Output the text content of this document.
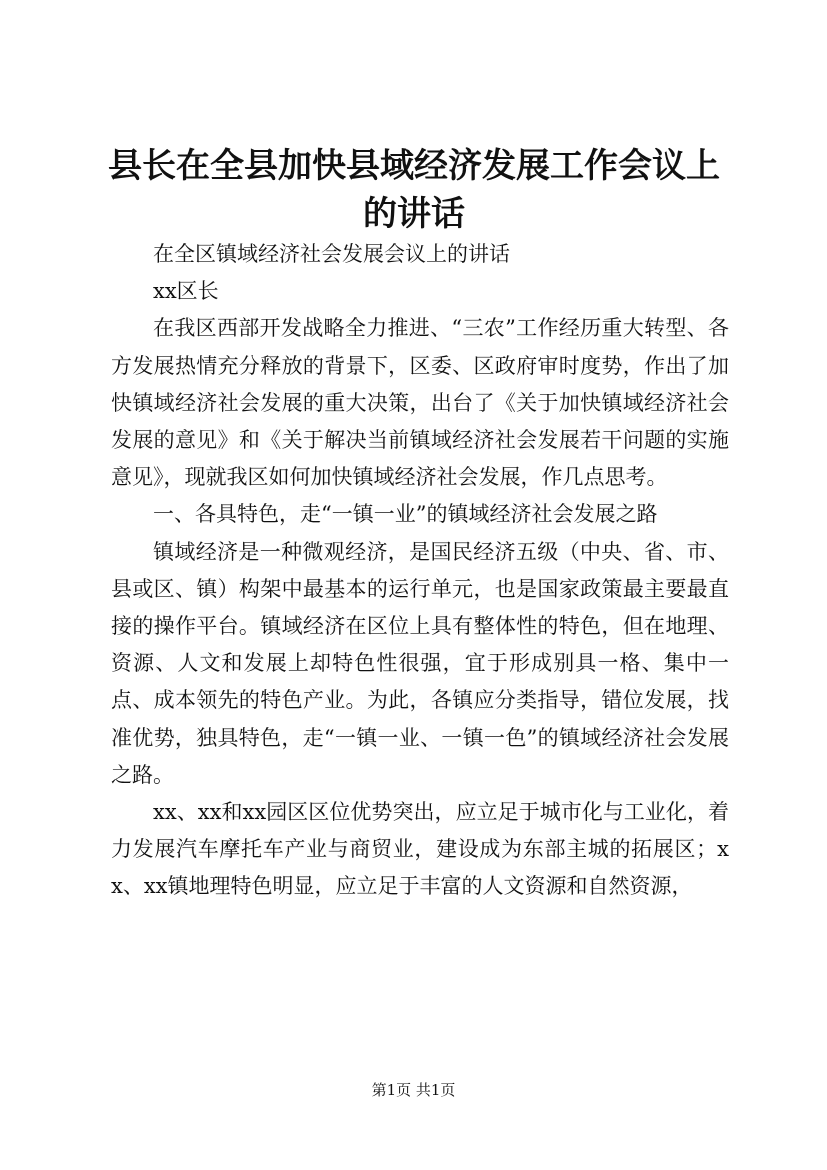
县长在全县加快县域经济发展工作会议上的讲话

在全区镇域经济社会发展会议上的讲话

xx区长

在我区西部开发战略全力推进、“三农”工作经历重大转型、各方发展热情充分释放的背景下，区委、区政府审时度势，作出了加快镇域经济社会发展的重大决策，出台了《关于加快镇域经济社会发展的意见》和《关于解决当前镇域经济社会发展若干问题的实施意见》，现就我区如何加快镇域经济社会发展，作几点思考。

一、各具特色，走“一镇一业”的镇域经济社会发展之路

镇域经济是一种微观经济，是国民经济五级（中央、省、市、县或区、镇）构架中最基本的运行单元，也是国家政策最主要最直接的操作平台。镇域经济在区位上具有整体性的特色，但在地理、资源、人文和发展上却特色性很强，宜于形成别具一格、集中一点、成本领先的特色产业。为此，各镇应分类指导，错位发展，找准优势，独具特色，走“一镇一业、一镇一色”的镇域经济社会发展之路。

xx、xx和xx园区区位优势突出，应立足于城市化与工业化，着力发展汽车摩托车产业与商贸业，建设成为东部主城的拓展区；xx、xx镇地理特色明显，应立足于丰富的人文资源和自然资源，

第1页 共1页
